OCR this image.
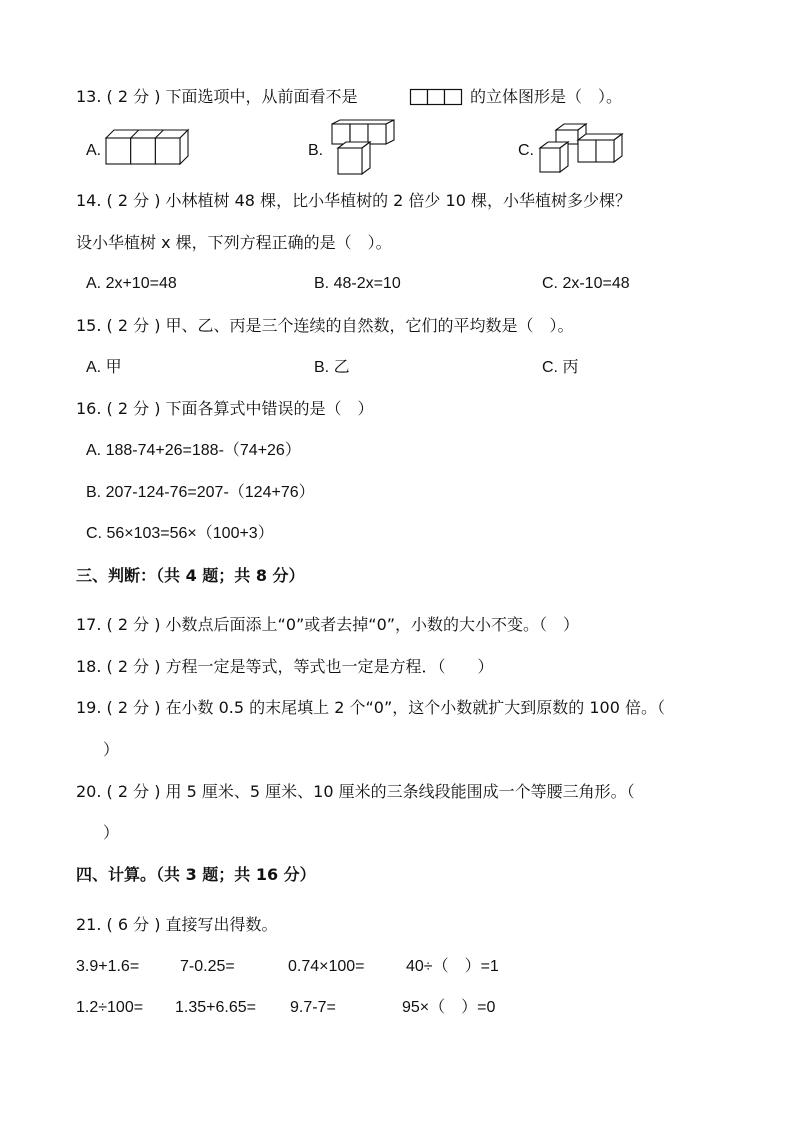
13. ( 2 分 ) 下面选项中，从前面看不是	的立体图形是（　）。
A.	B.	C.
14. ( 2 分 ) 小林植树 48 棵，比小华植树的 2 倍少 10 棵，小华植树多少棵？
设小华植树 x 棵，下列方程正确的是（　）。
A. 2x+10=48	B. 48-2x=10	C. 2x-10=48
15. ( 2 分 ) 甲、乙、丙是三个连续的自然数，它们的平均数是（　）。
A. 甲	B. 乙	C. 丙
16. ( 2 分 ) 下面各算式中错误的是（　）
A. 188-74+26=188-（74+26）
B. 207-124-76=207-（124+76）
C. 56×103=56×（100+3）
三、判断：（共 4 题；共 8 分）
17. ( 2 分 ) 小数点后面添上“0”或者去掉“0”，小数的大小不变。（　）
18. ( 2 分 ) 方程一定是等式，等式也一定是方程．（　　）
19. ( 2 分 ) 在小数 0.5 的末尾填上 2 个“0”，这个小数就扩大到原数的 100 倍。（
）
20. ( 2 分 ) 用 5 厘米、5 厘米、10 厘米的三条线段能围成一个等腰三角形。（
）
四、计算。（共 3 题；共 16 分）
21. ( 6 分 ) 直接写出得数。
3.9+1.6=	7-0.25=	0.74×100=	40÷（　）=1
1.2÷100= 1.35+6.65= 9.7-7=	95×（　）=0
